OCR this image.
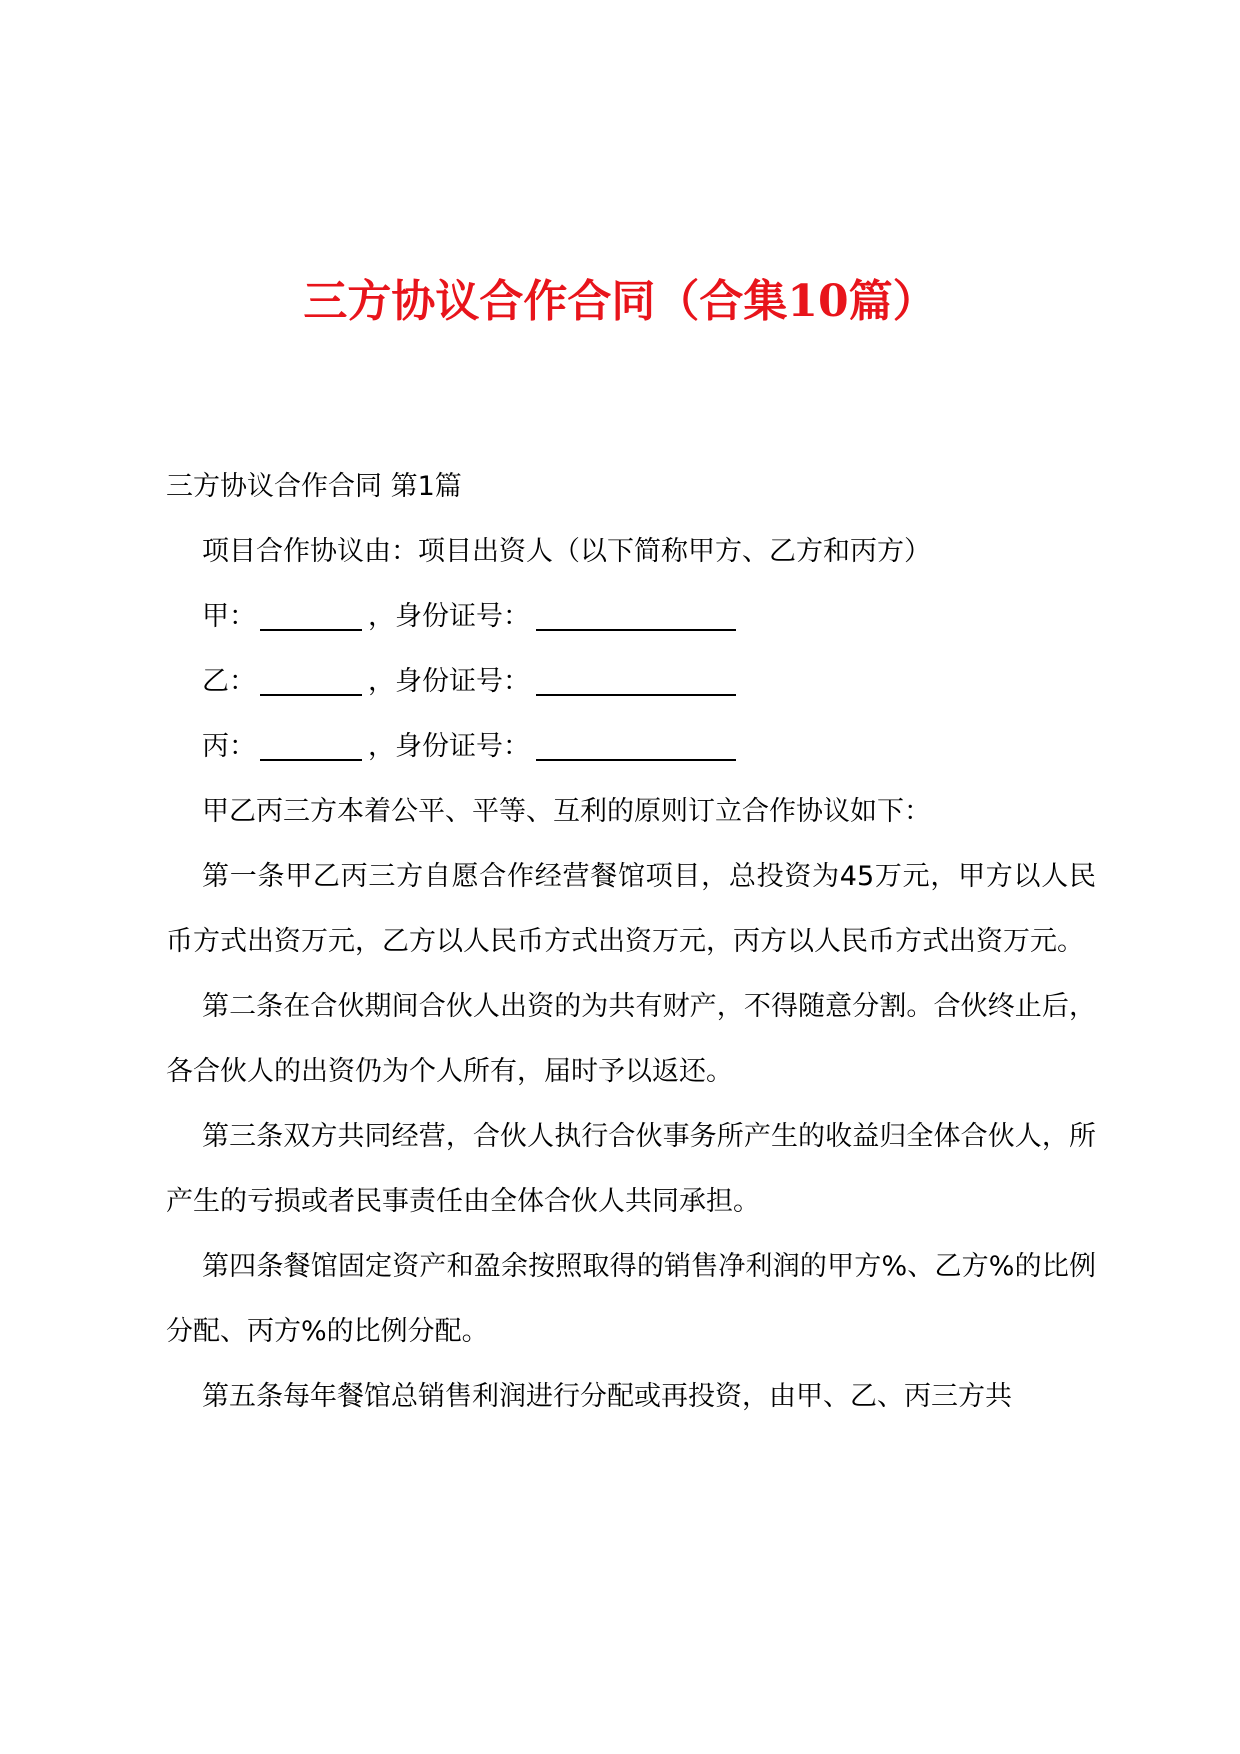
三方协议合作合同（合集10篇）
三方协议合作合同 第1篇
项目合作协议由：项目出资人（以下简称甲方、乙方和丙方）
甲：	，身份证号：
乙：	，身份证号：
丙：	，身份证号：
甲乙丙三方本着公平、平等、互利的原则订立合作协议如下：

第一条甲乙丙三方自愿合作经营餐馆项目，总投资为45万元，甲方以人民币方式出资万元，乙方以人民币方式出资万元，丙方以人民币方式出资万元。

第二条在合伙期间合伙人出资的为共有财产，不得随意分割。合伙终止后，各合伙人的出资仍为个人所有，届时予以返还。

第三条双方共同经营，合伙人执行合伙事务所产生的收益归全体合伙人，所产生的亏损或者民事责任由全体合伙人共同承担。

第四条餐馆固定资产和盈余按照取得的销售净利润的甲方%、乙方%的比例分配、丙方%的比例分配。

第五条每年餐馆总销售利润进行分配或再投资，由甲、乙、丙三方共
